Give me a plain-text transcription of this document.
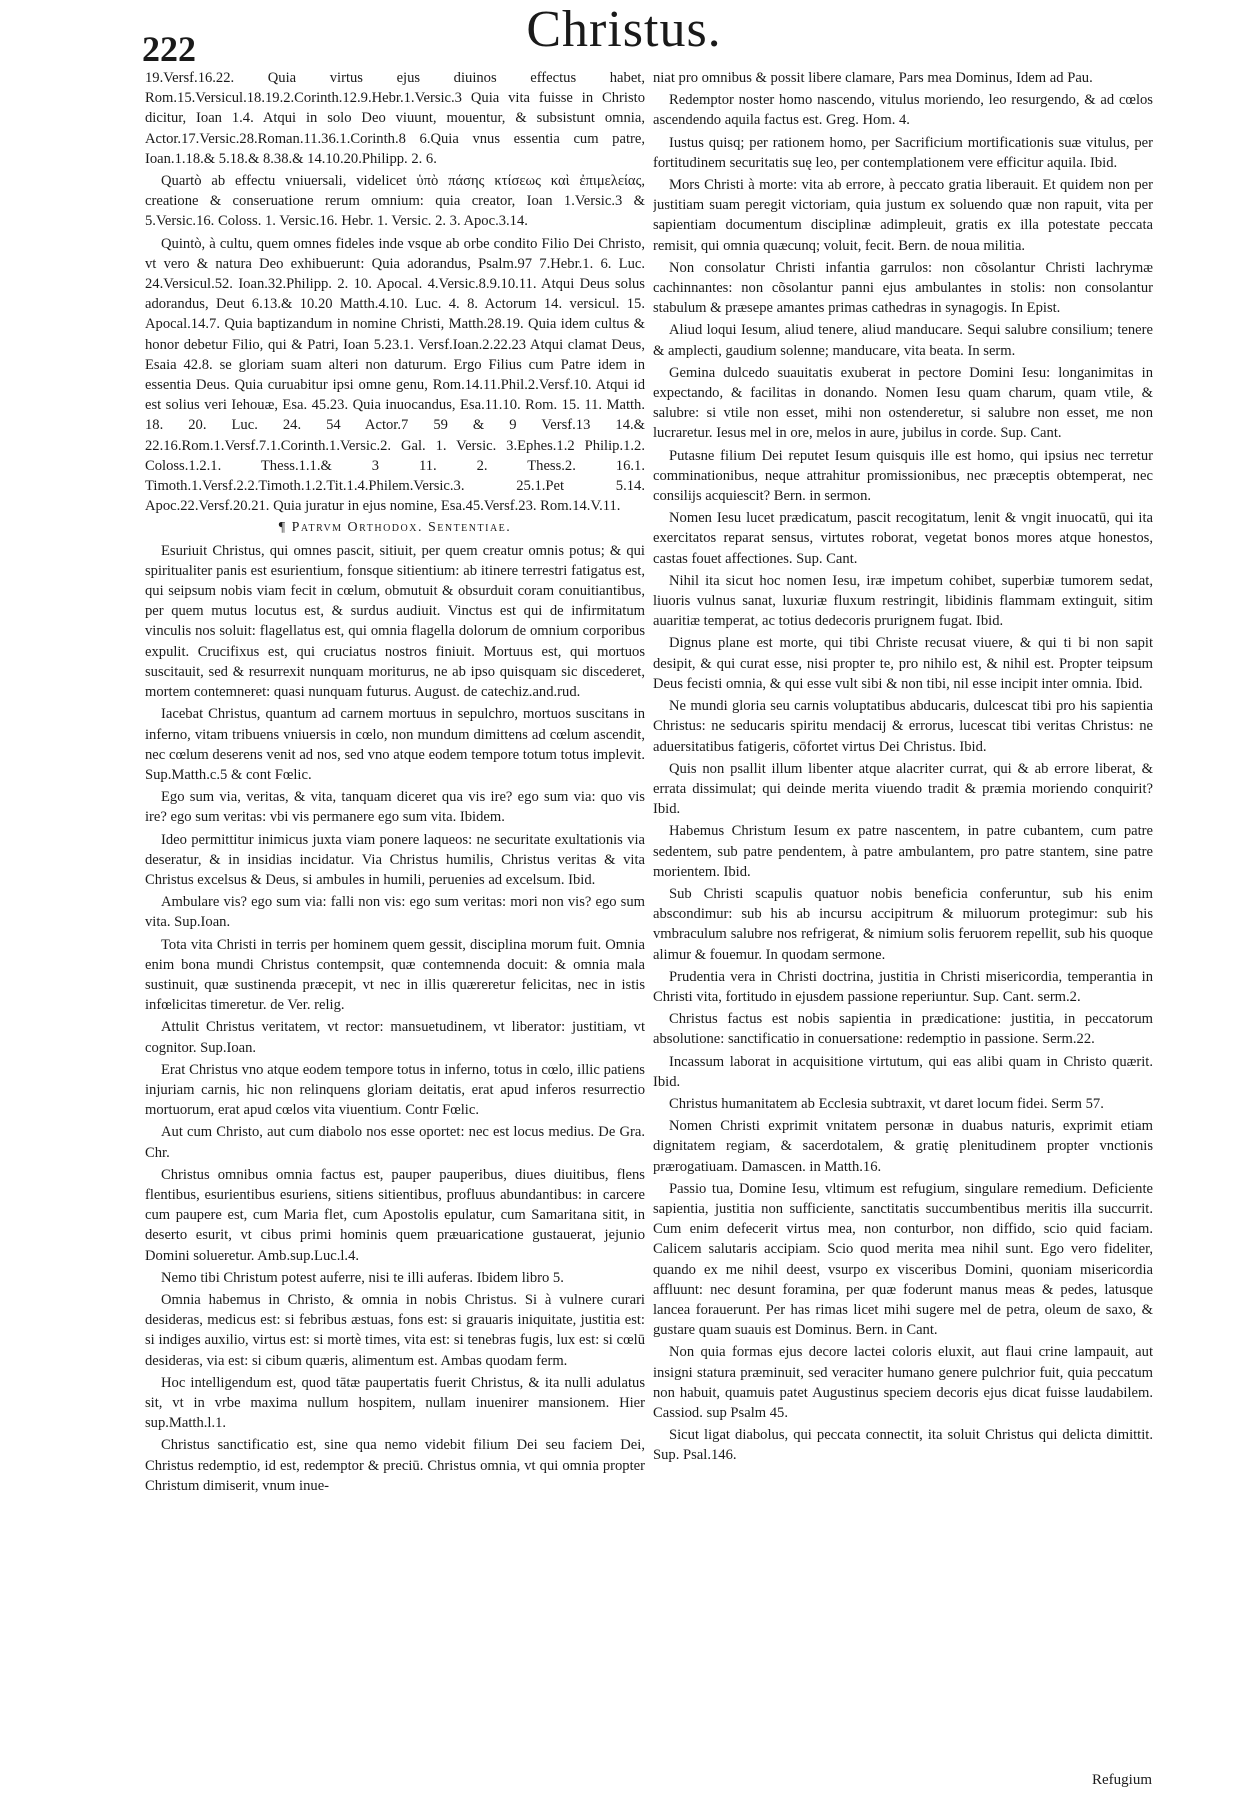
222	Christus.

19.Versf.16.22. Quia virtus ejus diuinos effectus habet, Rom.15.Versicul.18.19.2.Corinth.12.9.Hebr.1.Versic.3 Quia vita fuisse in Christo dicitur, Ioan 1.4. Atqui in solo Deo viuunt, mouentur, & subsistunt omnia, Actor.17.Versic.28.Roman.11.36.1.Corinth.8 6.Quia vnus essentia cum patre, Ioan.1.18.& 5.18.& 8.38.& 14.10.20.Philipp. 2. 6.

Quartò ab effectu vniuersali, videlicet ὑπὸ πάσης κτίσεως καὶ ἐπιμελείας, creatione & conseruatione rerum omnium: quia creator, Ioan 1.Versic.3 & 5.Versic.16. Coloss. 1. Versic.16. Hebr. 1. Versic. 2. 3. Apoc.3.14.

Quintò, à cultu, quem omnes fideles inde vsque ab orbe condito Filio Dei Christo, vt vero & natura Deo exhibuerunt: Quia adorandus, Psalm.97 7.Hebr.1. 6. Luc. 24.Versicul.52. Ioan.32.Philipp. 2. 10. Apocal. 4.Versic.8.9.10.11. Atqui Deus solus adorandus, Deut 6.13.& 10.20 Matth.4.10. Luc. 4. 8. Actorum 14. versicul. 15. Apocal.14.7. Quia baptizandum in nomine Christi, Matth.28.19. Quia idem cultus & honor debetur Filio, qui & Patri, Ioan 5.23.1. Versf.Ioan.2.22.23 Atqui clamat Deus, Esaia 42.8. se gloriam suam alteri non daturum. Ergo Filius cum Patre idem in essentia Deus. Quia curuabitur ipsi omne genu, Rom.14.11.Phil.2.Versf.10. Atqui id est solius veri Iehouæ, Esa. 45.23. Quia inuocandus, Esa.11.10. Rom. 15. 11. Matth. 18. 20. Luc. 24. 54 Actor.7 59 & 9 Versf.13 14.& 22.16.Rom.1.Versf.7.1.Corinth.1.Versic.2. Gal. 1. Versic. 3.Ephes.1.2 Philip.1.2. Coloss.1.2.1. Thess.1.1.& 3 11. 2. Thess.2. 16.1. Timoth.1.Versf.2.2.Timoth.1.2.Tit.1.4.Philem.Versic.3. 25.1.Pet 5.14. Apoc.22.Versf.20.21. Quia juratur in ejus nomine, Esa.45.Versf.23. Rom.14.V.11.

¶ Patrvm Orthodox. Sententiae.

Esuriuit Christus, qui omnes pascit, sitiuit, per quem creatur omnis potus; & qui spiritualiter panis est esurientium, fonsque sitientium: ab itinere terrestri fatigatus est, qui seipsum nobis viam fecit in cœlum, obmutuit & obsurduit coram conuitiantibus, per quem mutus locutus est, & surdus audiuit. Vinctus est qui de infirmitatum vinculis nos soluit: flagellatus est, qui omnia flagella dolorum de omnium corporibus expulit. Crucifixus est, qui cruciatus nostros finiuit. Mortuus est, qui mortuos suscitauit, sed & resurrexit nunquam moriturus, ne ab ipso quisquam sic discederet, mortem contemneret: quasi nunquam futurus. August. de catechiz.and.rud.

Iacebat Christus, quantum ad carnem mortuus in sepulchro, mortuos suscitans in inferno, vitam tribuens vniuersis in cœlo, non mundum dimittens ad cœlum ascendit, nec cœlum deserens venit ad nos, sed vno atque eodem tempore totum totus implevit. Sup.Matth.c.5 & cont Fœlic.

Ego sum via, veritas, & vita, tanquam diceret qua vis ire? ego sum via: quo vis ire? ego sum veritas: vbi vis permanere ego sum vita. Ibidem.

Ideo permittitur inimicus juxta viam ponere laqueos: ne securitate exultationis via deseratur, & in insidias incidatur. Via Christus humilis, Christus veritas & vita Christus excelsus & Deus, si ambules in humili, peruenies ad excelsum. Ibid.

Ambulare vis? ego sum via: falli non vis: ego sum veritas: mori non vis? ego sum vita. Sup.Ioan.

Tota vita Christi in terris per hominem quem gessit, disciplina morum fuit. Omnia enim bona mundi Christus contempsit, quæ contemnenda docuit: & omnia mala sustinuit, quæ sustinenda præcepit, vt nec in illis quæreretur felicitas, nec in istis infœlicitas timeretur. de Ver. relig.

Attulit Christus veritatem, vt rector: mansuetudinem, vt liberator: justitiam, vt cognitor. Sup.Ioan.

Erat Christus vno atque eodem tempore totus in inferno, totus in cœlo, illic patiens injuriam carnis, hic non relinquens gloriam deitatis, erat apud inferos resurrectio mortuorum, erat apud cœlos vita viuentium. Contr Fœlic.

Aut cum Christo, aut cum diabolo nos esse oportet: nec est locus medius. De Gra. Chr.

Christus omnibus omnia factus est, pauper pauperibus, diues diuitibus, flens flentibus, esurientibus esuriens, sitiens sitientibus, profluus abundantibus: in carcere cum paupere est, cum Maria flet, cum Apostolis epulatur, cum Samaritana sitit, in deserto esurit, vt cibus primi hominis quem præuaricatione gustauerat, jejunio Domini solueretur. Amb.sup.Luc.l.4.

Nemo tibi Christum potest auferre, nisi te illi auferas. Ibidem libro 5.

Omnia habemus in Christo, & omnia in nobis Christus. Si à vulnere curari desideras, medicus est: si febribus æstuas, fons est: si grauaris iniquitate, justitia est: si indiges auxilio, virtus est: si mortè times, vita est: si tenebras fugis, lux est: si cœlū desideras, via est: si cibum quæris, alimentum est. Ambas quodam ferm.

Hoc intelligendum est, quod tātæ paupertatis fuerit Christus, & ita nulli adulatus sit, vt in vrbe maxima nullum hospitem, nullam inuenirer mansionem. Hier sup.Matth.l.1.

Christus sanctificatio est, sine qua nemo videbit filium Dei seu faciem Dei, Christus redemptio, id est, redemptor & preciū. Christus omnia, vt qui omnia propter Christum dimiserit, vnum inue-

niat pro omnibus & possit libere clamare, Pars mea Dominus, Idem ad Pau.

Redemptor noster homo nascendo, vitulus moriendo, leo resurgendo, & ad cœlos ascendendo aquila factus est. Greg. Hom. 4.

Iustus quisq; per rationem homo, per Sacrificium mortificationis suæ vitulus, per fortitudinem securitatis suę leo, per contemplationem vere efficitur aquila. Ibid.

Mors Christi à morte: vita ab errore, à peccato gratia liberauit. Et quidem non per justitiam suam peregit victoriam, quia justum ex soluendo quæ non rapuit, vita per sapientiam documentum disciplinæ adimpleuit, gratis ex illa potestate peccata remisit, qui omnia quæcunq; voluit, fecit. Bern. de noua militia.

Non consolatur Christi infantia garrulos: non cõsolantur Christi lachrymæ cachinnantes: non cõsolantur panni ejus ambulantes in stolis: non consolantur stabulum & præsepe amantes primas cathedras in synagogis. In Epist.

Aliud loqui Iesum, aliud tenere, aliud manducare. Sequi salubre consilium; tenere & amplecti, gaudium solenne; manducare, vita beata. In serm.

Gemina dulcedo suauitatis exuberat in pectore Domini Iesu: longanimitas in expectando, & facilitas in donando. Nomen Iesu quam charum, quam vtile, & salubre: si vtile non esset, mihi non ostenderetur, si salubre non esset, me non lucraretur. Iesus mel in ore, melos in aure, jubilus in corde. Sup. Cant.

Putasne filium Dei reputet Iesum quisquis ille est homo, qui ipsius nec terretur comminationibus, neque attrahitur promissionibus, nec præceptis obtemperat, nec consilijs acquiescit? Bern. in sermon.

Nomen Iesu lucet prædicatum, pascit recogitatum, lenit & vngit inuocatū, qui ita exercitatos reparat sensus, virtutes roborat, vegetat bonos mores atque honestos, castas fouet affectiones. Sup. Cant.

Nihil ita sicut hoc nomen Iesu, iræ impetum cohibet, superbiæ tumorem sedat, liuoris vulnus sanat, luxuriæ fluxum restringit, libidinis flammam extinguit, sitim auaritiæ temperat, ac totius dedecoris prurignem fugat. Ibid.

Dignus plane est morte, qui tibi Christe recusat viuere, & qui ti bi non sapit desipit, & qui curat esse, nisi propter te, pro nihilo est, & nihil est. Propter teipsum Deus fecisti omnia, & qui esse vult sibi & non tibi, nil esse incipit inter omnia. Ibid.

Ne mundi gloria seu carnis voluptatibus abducaris, dulcescat tibi pro his sapientia Christus: ne seducaris spiritu mendacij & errorus, lucescat tibi veritas Christus: ne aduersitatibus fatigeris, cōfortet virtus Dei Christus. Ibid.

Quis non psallit illum libenter atque alacriter currat, qui & ab errore liberat, & errata dissimulat; qui deinde merita viuendo tradit & præmia moriendo conquirit? Ibid.

Habemus Christum Iesum ex patre nascentem, in patre cubantem, cum patre sedentem, sub patre pendentem, à patre ambulantem, pro patre stantem, sine patre morientem. Ibid.

Sub Christi scapulis quatuor nobis beneficia conferuntur, sub his enim abscondimur: sub his ab incursu accipitrum & miluorum protegimur: sub his vmbraculum salubre nos refrigerat, & nimium solis feruorem repellit, sub his quoque alimur & fouemur. In quodam sermone.

Prudentia vera in Christi doctrina, justitia in Christi misericordia, temperantia in Christi vita, fortitudo in ejusdem passione reperiuntur. Sup. Cant. serm.2.

Christus factus est nobis sapientia in prædicatione: justitia, in peccatorum absolutione: sanctificatio in conuersatione: redemptio in passione. Serm.22.

Incassum laborat in acquisitione virtutum, qui eas alibi quam in Christo quærit. Ibid.

Christus humanitatem ab Ecclesia subtraxit, vt daret locum fidei. Serm 57.

Nomen Christi exprimit vnitatem personæ in duabus naturis, exprimit etiam dignitatem regiam, & sacerdotalem, & gratię plenitudinem propter vnctionis prærogatiuam. Damascen. in Matth.16.

Passio tua, Domine Iesu, vltimum est refugium, singulare remedium. Deficiente sapientia, justitia non sufficiente, sanctitatis succumbentibus meritis illa succurrit. Cum enim defecerit virtus mea, non conturbor, non diffido, scio quid faciam. Calicem salutaris accipiam. Scio quod merita mea nihil sunt. Ego vero fideliter, quando ex me nihil deest, vsurpo ex visceribus Domini, quoniam misericordia affluunt: nec desunt foramina, per quæ foderunt manus meas & pedes, latusque lancea forauerunt. Per has rimas licet mihi sugere mel de petra, oleum de saxo, & gustare quam suauis est Dominus. Bern. in Cant.

Non quia formas ejus decore lactei coloris eluxit, aut flaui crine lampauit, aut insigni statura præminuit, sed veraciter humano genere pulchrior fuit, quia peccatum non habuit, quamuis patet Augustinus speciem decoris ejus dicat fuisse laudabilem. Cassiod. sup Psalm 45.

Sicut ligat diabolus, qui peccata connectit, ita soluit Christus qui delicta dimittit. Sup. Psal.146.

Refugium
